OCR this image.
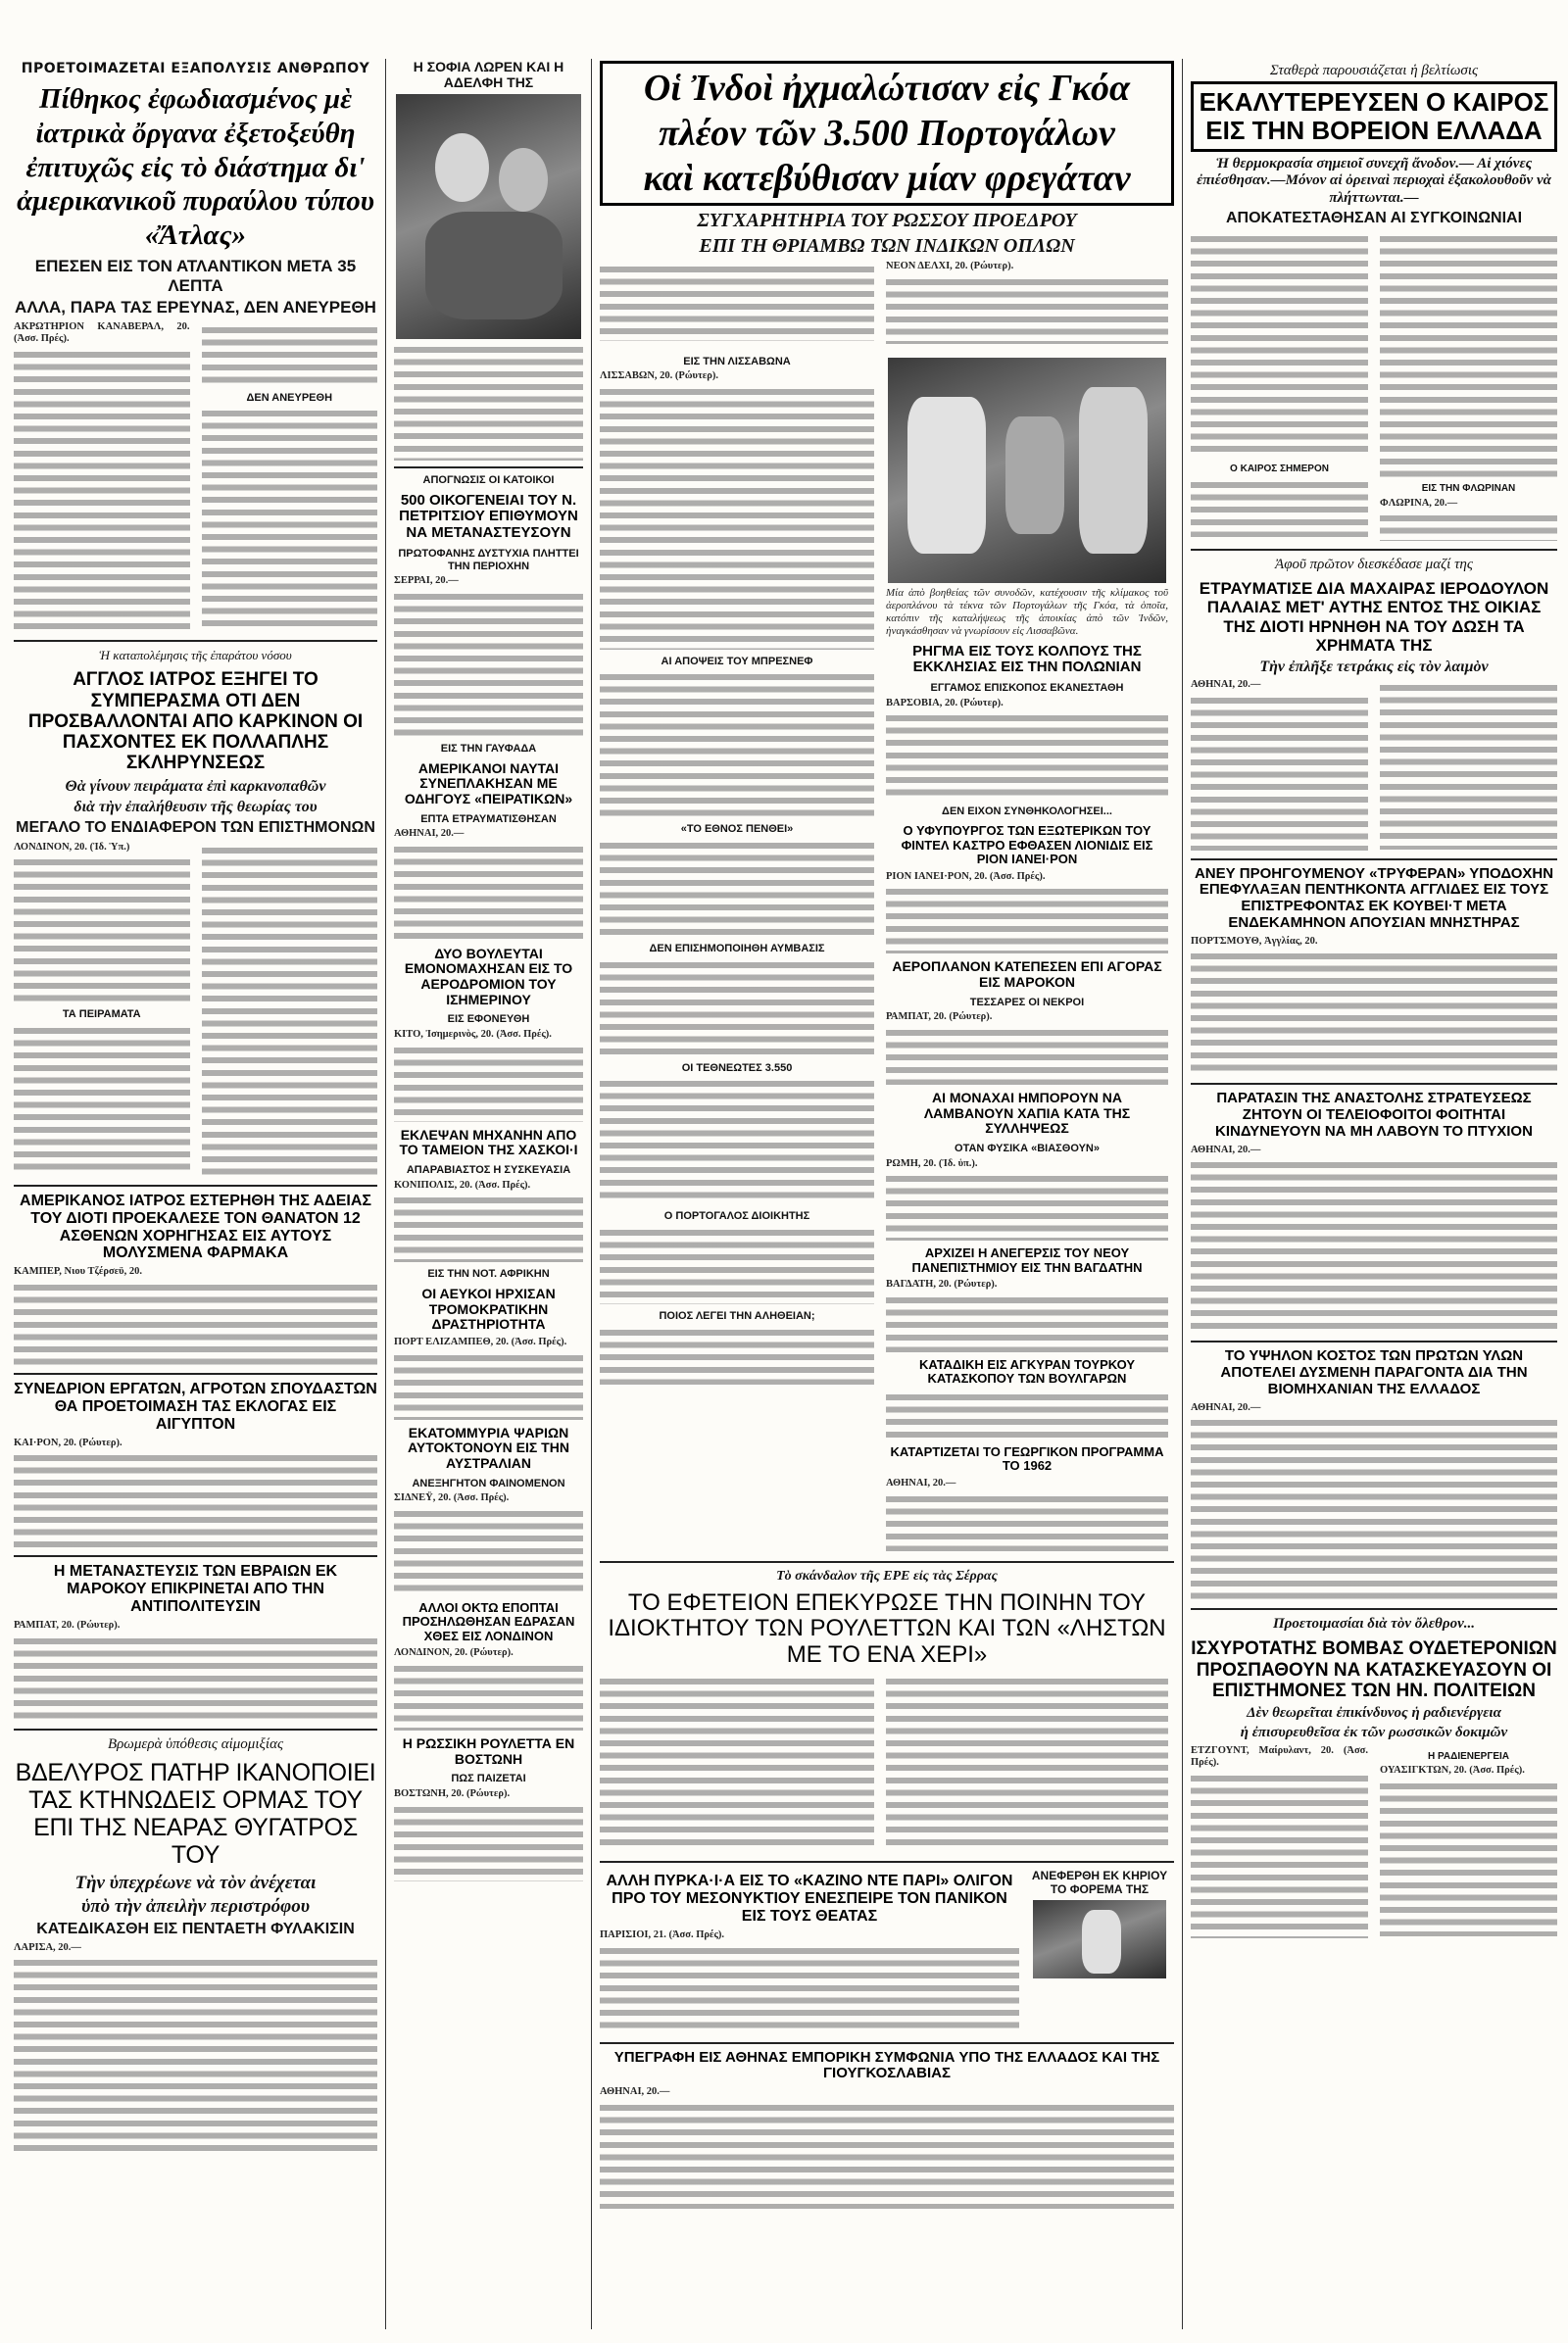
ΠΡΟΕΤΟΙΜΑΖΕΤΑΙ ΕΞΑΠΟΛΥΣΙΣ ΑΝΘΡΩΠΟΥ
Πίθηκος ἐφωδιασμένος μὲ ἰατρικὰ ὄργανα ἐξετοξεύθη ἐπιτυχῶς εἰς τὸ διάστημα δι' ἀμερικανικοῦ πυραύλου τύπου «Ἄτλας»
ΕΠΕΣΕΝ ΕΙΣ ΤΟΝ ΑΤΛΑΝΤΙΚΟΝ ΜΕΤΑ 35 ΛΕΠΤΑ
ΑΛΛΑ, ΠΑΡΑ ΤΑΣ ΕΡΕΥΝΑΣ, ΔΕΝ ΑΝΕΥΡΕΘΗ
ΑΚΡΩΤΗΡΙΟΝ ΚΑΝΑΒΕΡΑΛ, 20. (Ἀσσ. Πρές).
ΔΕΝ ΑΝΕΥΡΕΘΗ
Ἡ καταπολέμησις τῆς ἐπαράτου νόσου
ΑΓΓΛΟΣ ΙΑΤΡΟΣ ΕΞΗΓΕΙ ΤΟ ΣΥΜΠΕΡΑΣΜΑ ΟΤΙ ΔΕΝ ΠΡΟΣΒΑΛΛΟΝΤΑΙ ΑΠΟ ΚΑΡΚΙΝΟΝ ΟΙ ΠΑΣΧΟΝΤΕΣ ΕΚ ΠΟΛΛΑΠΛΗΣ ΣΚΛΗΡΥΝΣΕΩΣ
Θὰ γίνουν πειράματα ἐπὶ καρκινοπαθῶν
διὰ τὴν ἐπαλήθευσιν τῆς θεωρίας του
ΜΕΓΑΛΟ ΤΟ ΕΝΔΙΑΦΕΡΟΝ ΤΩΝ ΕΠΙΣΤΗΜΟΝΩΝ
ΛΟΝΔΙΝΟΝ, 20. (Ἰδ. Ὑπ.)
ΤΑ ΠΕΙΡΑΜΑΤΑ
ΑΜΕΡΙΚΑΝΟΣ ΙΑΤΡΟΣ ΕΣΤΕΡΗΘΗ ΤΗΣ ΑΔΕΙΑΣ ΤΟΥ ΔΙΟΤΙ ΠΡΟΕΚΑΛΕΣΕ ΤΟΝ ΘΑΝΑΤΟΝ 12 ΑΣΘΕΝΩΝ ΧΟΡΗΓΗΣΑΣ ΕΙΣ ΑΥΤΟΥΣ ΜΟΛΥΣΜΕΝΑ ΦΑΡΜΑΚΑ
ΚΑΜΠΕΡ, Νιου Τζέρσεϋ, 20.
ΣΥΝΕΔΡΙΟΝ ΕΡΓΑΤΩΝ, ΑΓΡΟΤΩΝ ΣΠΟΥΔΑΣΤΩΝ ΘΑ ΠΡΟΕΤΟΙΜΑΣΗ ΤΑΣ ΕΚΛΟΓΑΣ ΕΙΣ ΑΙΓΥΠΤΟΝ
ΚΑΙ·ΡΟΝ, 20. (Ρώυτερ).
Η ΜΕΤΑΝΑΣΤΕΥΣΙΣ ΤΩΝ ΕΒΡΑΙΩΝ ΕΚ ΜΑΡΟΚΟΥ ΕΠΙΚΡΙΝΕΤΑΙ ΑΠΟ ΤΗΝ ΑΝΤΙΠΟΛΙΤΕΥΣΙΝ
ΡΑΜΠΑΤ, 20. (Ρώυτερ).
Βρωμερὰ ὑπόθεσις αἱμομιξίας
ΒΔΕΛΥΡΟΣ ΠΑΤΗΡ ΙΚΑΝΟΠΟΙΕΙ ΤΑΣ ΚΤΗΝΩΔΕΙΣ ΟΡΜΑΣ ΤΟΥ ΕΠΙ ΤΗΣ ΝΕΑΡΑΣ ΘΥΓΑΤΡΟΣ ΤΟΥ
Τὴν ὑπεχρέωνε νὰ τὸν ἀνέχεται
ὑπὸ τὴν ἀπειλὴν περιστρόφου
ΚΑΤΕΔΙΚΑΣΘΗ ΕΙΣ ΠΕΝΤΑΕΤΗ ΦΥΛΑΚΙΣΙΝ
ΛΑΡΙΣΑ, 20.—
Η ΣΟΦΙΑ ΛΩΡΕΝ ΚΑΙ Η ΑΔΕΛΦΗ ΤΗΣ
ΑΠΟΓΝΩΣΙΣ ΟΙ ΚΑΤΟΙΚΟΙ
500 ΟΙΚΟΓΕΝΕΙΑΙ ΤΟΥ Ν. ΠΕΤΡΙΤΣΙΟΥ ΕΠΙΘΥΜΟΥΝ ΝΑ ΜΕΤΑΝΑΣΤΕΥΣΟΥΝ
ΠΡΩΤΟΦΑΝΗΣ ΔΥΣΤΥΧΙΑ ΠΛΗΤΤΕΙ ΤΗΝ ΠΕΡΙΟΧΗΝ
ΣΕΡΡΑΙ, 20.—
ΕΙΣ ΤΗΝ ΓΑΥΦΑΔΑ
ΑΜΕΡΙΚΑΝΟΙ ΝΑΥΤΑΙ ΣΥΝΕΠΛΑΚΗΣΑΝ ΜΕ ΟΔΗΓΟΥΣ «ΠΕΙΡΑΤΙΚΩΝ»
ΕΠΤΑ ΕΤΡΑΥΜΑΤΙΣΘΗΣΑΝ
ΑΘΗΝΑΙ, 20.—
ΔΥΟ ΒΟΥΛΕΥΤΑΙ ΕΜΟΝΟΜΑΧΗΣΑΝ ΕΙΣ ΤΟ ΑΕΡΟΔΡΟΜΙΟΝ ΤΟΥ ΙΣΗΜΕΡΙΝΟΥ
ΕΙΣ ΕΦΟΝΕΥΘΗ
ΚΙΤΟ, Ἰσημερινὸς, 20. (Ἀσσ. Πρές).
ΕΚΛΕΨΑΝ ΜΗΧΑΝΗΝ ΑΠΟ ΤΟ ΤΑΜΕΙΟΝ ΤΗΣ ΧΑΣΚΟΙ·Ι
ΑΠΑΡΑΒΙΑΣΤΟΣ Η ΣΥΣΚΕΥΑΣΙΑ
ΚΟΝΙΠΟΛΙΣ, 20. (Ἀσσ. Πρές).
ΕΙΣ ΤΗΝ ΝΟΤ. ΑΦΡΙΚΗΝ
ΟΙ ΑΕΥΚΟΙ ΗΡΧΙΣΑΝ ΤΡΟΜΟΚΡΑΤΙΚΗΝ ΔΡΑΣΤΗΡΙΟΤΗΤΑ
ΠΟΡΤ ΕΛΙΖΑΜΠΕΘ, 20. (Ἀσσ. Πρές).
ΕΚΑΤΟΜΜΥΡΙΑ ΨΑΡΙΩΝ ΑΥΤΟΚΤΟΝΟΥΝ ΕΙΣ ΤΗΝ ΑΥΣΤΡΑΛΙΑΝ
ΑΝΕΞΗΓΗΤΟΝ ΦΑΙΝΟΜΕΝΟΝ
ΣΙΔΝΕΫ, 20. (Ἀσσ. Πρές).
ΑΛΛΟΙ ΟΚΤΩ ΕΠΟΠΤΑΙ ΠΡΟΣΗΛΩΘΗΣΑΝ ΕΔΡΑΣΑΝ ΧΘΕΣ ΕΙΣ ΛΟΝΔΙΝΟΝ
ΛΟΝΔΙΝΟΝ, 20. (Ρώυτερ).
Η ΡΩΣΣΙΚΗ ΡΟΥΛΕΤΤΑ ΕΝ ΒΟΣΤΩΝΗ
ΠΩΣ ΠΑΙΖΕΤΑΙ
ΒΟΣΤΩΝΗ, 20. (Ρώυτερ).
Οἱ Ἰνδοὶ ἠχμαλώτισαν εἰς Γκόα
πλέον τῶν 3.500 Πορτογάλων
καὶ κατεβύθισαν μίαν φρεγάταν
ΣΥΓΧΑΡΗΤΗΡΙΑ ΤΟΥ ΡΩΣΣΟΥ ΠΡΟΕΔΡΟΥ
ΕΠΙ ΤΗ ΘΡΙΑΜΒΩ ΤΩΝ ΙΝΔΙΚΩΝ ΟΠΛΩΝ
ΝΕΟΝ ΔΕΛΧΙ, 20. (Ρώυτερ).
ΕΙΣ ΤΗΝ ΛΙΣΣΑΒΩΝΑ
ΛΙΣΣΑΒΩΝ, 20. (Ρώυτερ).
ΑΙ ΑΠΟΨΕΙΣ ΤΟΥ ΜΠΡΕΣΝΕΦ
«ΤΟ ΕΘΝΟΣ ΠΕΝΘΕΙ»
ΔΕΝ ΕΠΙΣΗΜΟΠΟΙΗΘΗ ΑΥΜΒΑΣΙΣ
ΟΙ ΤΕΘΝΕΩΤΕΣ 3.550
Ο ΠΟΡΤΟΓΑΛΟΣ ΔΙΟΙΚΗΤΗΣ
ΠΟΙΟΣ ΛΕΓΕΙ ΤΗΝ ΑΛΗΘΕΙΑΝ;
Μία ἀπὸ βοηθείας τῶν συνοδῶν, κατέχουσιν τῆς κλίμακος τοῦ ἀεροπλάνου τὰ τέκνα τῶν Πορτογάλων τῆς Γκόα, τὰ ὁποῖα, κατόπιν τῆς καταλήψεως τῆς ἀποικίας ἀπὸ τῶν Ἰνδῶν, ἠναγκάσθησαν νὰ γνωρίσουν εἰς Λισσαβῶνα.
ΡΗΓΜΑ ΕΙΣ ΤΟΥΣ ΚΟΛΠΟΥΣ ΤΗΣ ΕΚΚΛΗΣΙΑΣ ΕΙΣ ΤΗΝ ΠΟΛΩΝΙΑΝ
ΕΓΓΑΜΟΣ ΕΠΙΣΚΟΠΟΣ ΕΚΑΝΕΣΤΑΘΗ
ΒΑΡΣΟΒΙΑ, 20. (Ρώυτερ).
ΔΕΝ ΕΙΧΟΝ ΣΥΝΘΗΚΟΛΟΓΗΣΕΙ...
Ο ΥΦΥΠΟΥΡΓΟΣ ΤΩΝ ΕΞΩΤΕΡΙΚΩΝ ΤΟΥ ΦΙΝΤΕΛ ΚΑΣΤΡΟ ΕΦΘΑΣΕΝ ΛΙΟΝΙΔΙΣ ΕΙΣ ΡΙΟΝ ΙΑΝΕΙ·ΡΟΝ
ΡΙΟΝ ΙΑΝΕΙ·ΡΟΝ, 20. (Ἀσσ. Πρές).
ΑΕΡΟΠΛΑΝΟΝ ΚΑΤΕΠΕΣΕΝ ΕΠΙ ΑΓΟΡΑΣ ΕΙΣ ΜΑΡΟΚΟΝ
ΤΕΣΣΑΡΕΣ ΟΙ ΝΕΚΡΟΙ
ΡΑΜΠΑΤ, 20. (Ρώυτερ).
ΑΙ ΜΟΝΑΧΑΙ ΗΜΠΟΡΟΥΝ ΝΑ ΛΑΜΒΑΝΟΥΝ ΧΑΠΙΑ ΚΑΤΑ ΤΗΣ ΣΥΛΛΗΨΕΩΣ
ΟΤΑΝ ΦΥΣΙΚΑ «ΒΙΑΣΘΟΥΝ»
ΡΩΜΗ, 20. (Ἰδ. ὑπ.).
ΑΡΧΙΖΕΙ Η ΑΝΕΓΕΡΣΙΣ ΤΟΥ ΝΕΟΥ ΠΑΝΕΠΙΣΤΗΜΙΟΥ ΕΙΣ ΤΗΝ ΒΑΓΔΑΤΗΝ
ΒΑΓΔΑΤΗ, 20. (Ρώυτερ).
ΚΑΤΑΔΙΚΗ ΕΙΣ ΑΓΚΥΡΑΝ ΤΟΥΡΚΟΥ ΚΑΤΑΣΚΟΠΟΥ ΤΩΝ ΒΟΥΛΓΑΡΩΝ
ΚΑΤΑΡΤΙΖΕΤΑΙ ΤΟ ΓΕΩΡΓΙΚΟΝ ΠΡΟΓΡΑΜΜΑ ΤΟ 1962
ΑΘΗΝΑΙ, 20.—
Τὸ σκάνδαλον τῆς ΕΡΕ εἰς τὰς Σέρρας
ΤΟ ΕΦΕΤΕΙΟΝ ΕΠΕΚΥΡΩΣΕ ΤΗΝ ΠΟΙΝΗΝ ΤΟΥ ΙΔΙΟΚΤΗΤΟΥ ΤΩΝ ΡΟΥΛΕΤΤΩΝ ΚΑΙ ΤΩΝ «ΛΗΣΤΩΝ ΜΕ ΤΟ ΕΝΑ ΧΕΡΙ»
ΑΛΛΗ ΠΥΡΚΑ·Ι·Α ΕΙΣ ΤΟ «ΚΑΖΙΝΟ ΝΤΕ ΠΑΡΙ» ΟΛΙΓΟΝ ΠΡΟ ΤΟΥ ΜΕΣΟΝΥΚΤΙΟΥ ΕΝΕΣΠΕΙΡΕ ΤΟΝ ΠΑΝΙΚΟΝ ΕΙΣ ΤΟΥΣ ΘΕΑΤΑΣ
ΠΑΡΙΣΙΟΙ, 21. (Ἀσσ. Πρές).
ΑΝΕΦΕΡΘΗ ΕΚ ΚΗΡΙΟΥ ΤΟ ΦΟΡΕΜΑ ΤΗΣ
ΥΠΕΓΡΑΦΗ ΕΙΣ ΑΘΗΝΑΣ ΕΜΠΟΡΙΚΗ ΣΥΜΦΩΝΙΑ ΥΠΟ ΤΗΣ ΕΛΛΑΔΟΣ ΚΑΙ ΤΗΣ ΓΙΟΥΓΚΟΣΛΑΒΙΑΣ
ΑΘΗΝΑΙ, 20.—
Σταθερὰ παρουσιάζεται ἡ βελτίωσις
ΕΚΑΛΥΤΕΡΕΥΣΕΝ Ο ΚΑΙΡΟΣ ΕΙΣ ΤΗΝ ΒΟΡΕΙΟΝ ΕΛΛΑΔΑ
Ἡ θερμοκρασία σημειοῖ συνεχῆ ἄνοδον.— Αἱ χιόνες ἐπιέσθησαν.—Μόνον αἱ ὀρειναὶ περιοχαὶ ἐξακολουθοῦν νὰ πλήττωνται.—
ΑΠΟΚΑΤΕΣΤΑΘΗΣΑΝ ΑΙ ΣΥΓΚΟΙΝΩΝΙΑΙ
Ο ΚΑΙΡΟΣ ΣΗΜΕΡΟΝ
ΕΙΣ ΤΗΝ ΦΛΩΡΙΝΑΝ
ΦΛΩΡΙΝΑ, 20.—
Ἀφοῦ πρῶτον διεσκέδασε μαζί της
ΕΤΡΑΥΜΑΤΙΣΕ ΔΙΑ ΜΑΧΑΙΡΑΣ ΙΕΡΟΔΟΥΛΟΝ ΠΑΛΑΙΑΣ ΜΕΤ' ΑΥΤΗΣ ΕΝΤΟΣ ΤΗΣ ΟΙΚΙΑΣ ΤΗΣ ΔΙΟΤΙ ΗΡΝΗΘΗ ΝΑ ΤΟΥ ΔΩΣΗ ΤΑ ΧΡΗΜΑΤΑ ΤΗΣ
Τὴν ἐπλῆξε τετράκις εἰς τὸν λαιμὸν
ΑΘΗΝΑΙ, 20.—
ΑΝΕΥ ΠΡΟΗΓΟΥΜΕΝΟΥ «ΤΡΥΦΕΡΑΝ» ΥΠΟΔΟΧΗΝ ΕΠΕΦΥΛΑΞΑΝ ΠΕΝΤΗΚΟΝΤΑ ΑΓΓΛΙΔΕΣ ΕΙΣ ΤΟΥΣ ΕΠΙΣΤΡΕΦΟΝΤΑΣ ΕΚ ΚΟΥΒΕΙ·Τ ΜΕΤΑ ΕΝΔΕΚΑΜΗΝΟΝ ΑΠΟΥΣΙΑΝ ΜΝΗΣΤΗΡΑΣ
ΠΟΡΤΣΜΟΥΘ, Ἀγγλίας, 20.
ΠΑΡΑΤΑΣΙΝ ΤΗΣ ΑΝΑΣΤΟΛΗΣ ΣΤΡΑΤΕΥΣΕΩΣ ΖΗΤΟΥΝ ΟΙ ΤΕΛΕΙΟΦΟΙΤΟΙ ΦΟΙΤΗΤΑΙ ΚΙΝΔΥΝΕΥΟΥΝ ΝΑ ΜΗ ΛΑΒΟΥΝ ΤΟ ΠΤΥΧΙΟΝ
ΑΘΗΝΑΙ, 20.—
ΤΟ ΥΨΗΛΟΝ ΚΟΣΤΟΣ ΤΩΝ ΠΡΩΤΩΝ ΥΛΩΝ ΑΠΟΤΕΛΕΙ ΔΥΣΜΕΝΗ ΠΑΡΑΓΟΝΤΑ ΔΙΑ ΤΗΝ ΒΙΟΜΗΧΑΝΙΑΝ ΤΗΣ ΕΛΛΑΔΟΣ
ΑΘΗΝΑΙ, 20.—
Προετοιμασίαι διὰ τὸν ὄλεθρον...
ΙΣΧΥΡΟΤΑΤΗΣ ΒΟΜΒΑΣ ΟΥΔΕΤΕΡΟΝΙΩΝ ΠΡΟΣΠΑΘΟΥΝ ΝΑ ΚΑΤΑΣΚΕΥΑΣΟΥΝ ΟΙ ΕΠΙΣΤΗΜΟΝΕΣ ΤΩΝ ΗΝ. ΠΟΛΙΤΕΙΩΝ
Δὲν θεωρεῖται ἐπικίνδυνος ἡ ραδιενέργεια
ἡ ἐπισυρευθεῖσα ἐκ τῶν ρωσσικῶν δοκιμῶν
ΕΤΖΓΟΥΝΤ, Μαίρυλαντ, 20. (Ἀσσ. Πρές).
Η ΡΑΔΙΕΝΕΡΓΕΙΑ
ΟΥΑΣΙΓΚΤΩΝ, 20. (Ἀσσ. Πρές).
